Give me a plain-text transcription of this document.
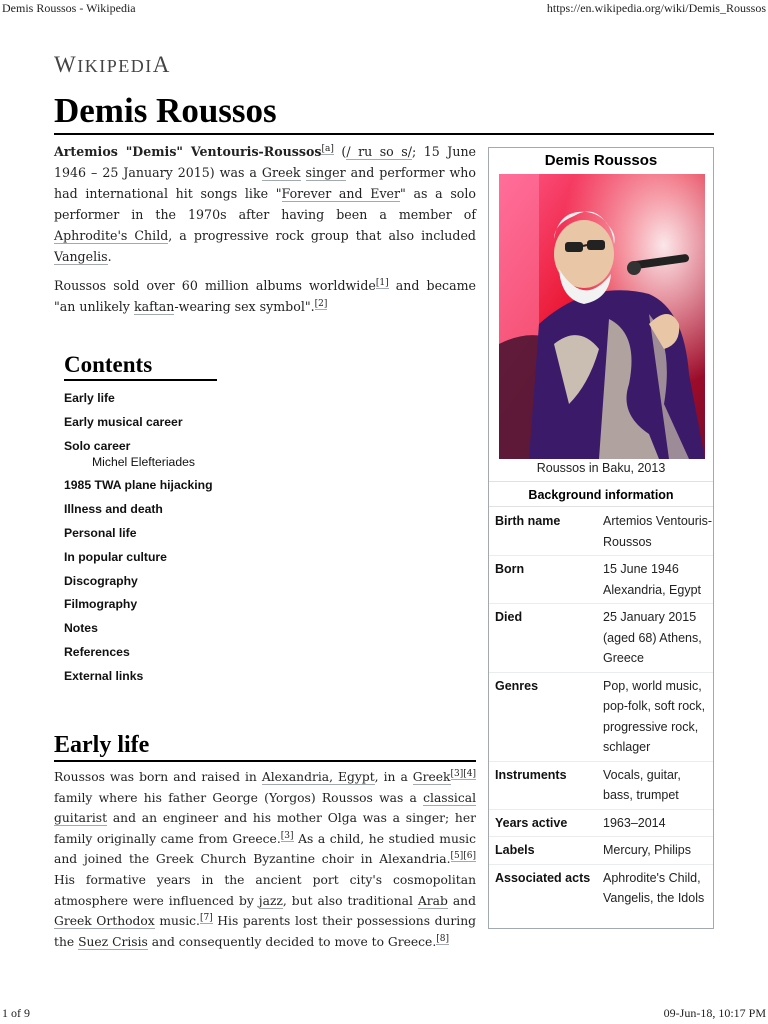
Demis Roussos - Wikipedia	https://en.wikipedia.org/wiki/Demis_Roussos
WIKIPEDIA
Demis Roussos

Artemios "Demis" Ventouris-Roussos[a] (/ ru so s/; 15 June 1946 – 25 January 2015) was a Greek singer and performer who had international hit songs like "Forever and Ever" as a solo performer in the 1970s after having been a member of Aphrodite's Child, a progressive rock group that also included Vangelis.

Roussos sold over 60 million albums worldwide[1] and became "an unlikely kaftan-wearing sex symbol".[2]

Contents
Early life
Early musical career
Solo career
Michel Elefteriades
1985 TWA plane hijacking
Illness and death
Personal life
In popular culture
Discography
Filmography
Notes
References
External links
Early life
Roussos was born and raised in Alexandria, Egypt, in a Greek[3][4] family where his father George (Yorgos) Roussos was a classical guitarist and an engineer and his mother Olga was a singer; her family originally came from Greece.[3] As a child, he studied music and joined the Greek Church Byzantine choir in Alexandria.[5][6] His formative years in the ancient port city's cosmopolitan atmosphere were influenced by jazz, but also traditional Arab and Greek Orthodox music.[7] His parents lost their possessions during the Suez Crisis and consequently decided to move to Greece.[8]
Demis Roussos
Roussos in Baku, 2013
Background information
Birth name	Artemios Ventouris-Roussos
Born	15 June 1946 Alexandria, Egypt
Died	25 January 2015 (aged 68) Athens, Greece
Genres	Pop, world music, pop-folk, soft rock, progressive rock, schlager
Instruments	Vocals, guitar, bass, trumpet
Years active	1963–2014
Labels	Mercury, Philips
Associated acts	Aphrodite's Child, Vangelis, the Idols
1 of 9	09-Jun-18, 10:17 PM
